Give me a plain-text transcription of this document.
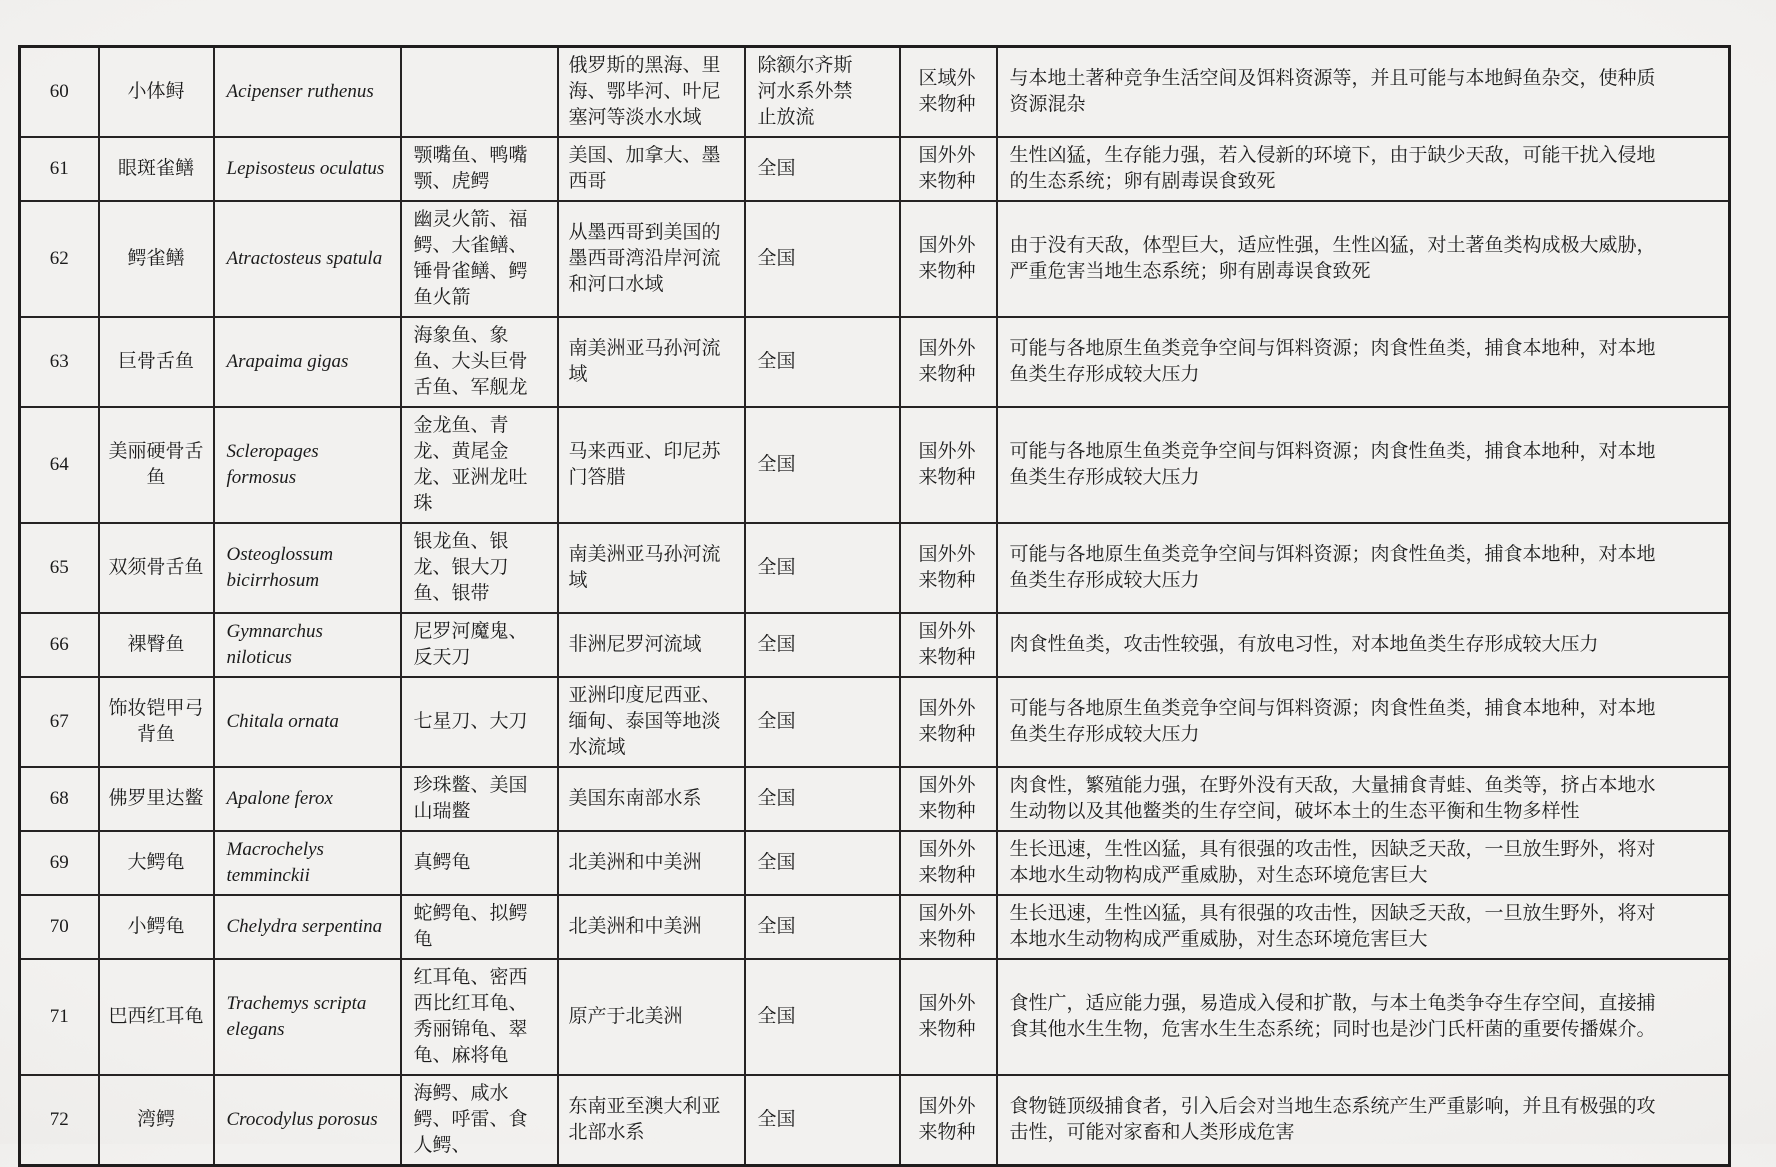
60	小体鲟	Acipenser ruthenus		俄罗斯的黑海、里海、鄂毕河、叶尼塞河等淡水水域	除额尔齐斯河水系外禁止放流	区域外来物种	与本地土著种竞争生活空间及饵料资源等，并且可能与本地鲟鱼杂交，使种质资源混杂
61	眼斑雀鳝	Lepisosteus oculatus	颚嘴鱼、鸭嘴颚、虎鳄	美国、加拿大、墨西哥	全国	国外外来物种	生性凶猛，生存能力强，若入侵新的环境下，由于缺少天敌，可能干扰入侵地的生态系统；卵有剧毒误食致死
62	鳄雀鳝	Atractosteus spatula	幽灵火箭、福鳄、大雀鳝、锤骨雀鳝、鳄鱼火箭	从墨西哥到美国的墨西哥湾沿岸河流和河口水域	全国	国外外来物种	由于没有天敌，体型巨大，适应性强，生性凶猛，对土著鱼类构成极大威胁，严重危害当地生态系统；卵有剧毒误食致死
63	巨骨舌鱼	Arapaima gigas	海象鱼、象鱼、大头巨骨舌鱼、军舰龙	南美洲亚马孙河流域	全国	国外外来物种	可能与各地原生鱼类竞争空间与饵料资源；肉食性鱼类，捕食本地种，对本地鱼类生存形成较大压力
64	美丽硬骨舌鱼	Scleropages formosus	金龙鱼、青龙、黄尾金龙、亚洲龙吐珠	马来西亚、印尼苏门答腊	全国	国外外来物种	可能与各地原生鱼类竞争空间与饵料资源；肉食性鱼类，捕食本地种，对本地鱼类生存形成较大压力
65	双须骨舌鱼	Osteoglossum bicirrhosum	银龙鱼、银龙、银大刀鱼、银带	南美洲亚马孙河流域	全国	国外外来物种	可能与各地原生鱼类竞争空间与饵料资源；肉食性鱼类，捕食本地种，对本地鱼类生存形成较大压力
66	裸臀鱼	Gymnarchus niloticus	尼罗河魔鬼、反天刀	非洲尼罗河流域	全国	国外外来物种	肉食性鱼类，攻击性较强，有放电习性，对本地鱼类生存形成较大压力
67	饰妆铠甲弓背鱼	Chitala ornata	七星刀、大刀	亚洲印度尼西亚、缅甸、泰国等地淡水流域	全国	国外外来物种	可能与各地原生鱼类竞争空间与饵料资源；肉食性鱼类，捕食本地种，对本地鱼类生存形成较大压力
68	佛罗里达鳖	Apalone ferox	珍珠鳖、美国山瑞鳖	美国东南部水系	全国	国外外来物种	肉食性，繁殖能力强，在野外没有天敌，大量捕食青蛙、鱼类等，挤占本地水生动物以及其他鳖类的生存空间，破坏本土的生态平衡和生物多样性
69	大鳄龟	Macrochelys temminckii	真鳄龟	北美洲和中美洲	全国	国外外来物种	生长迅速，生性凶猛，具有很强的攻击性，因缺乏天敌，一旦放生野外，将对本地水生动物构成严重威胁，对生态环境危害巨大
70	小鳄龟	Chelydra serpentina	蛇鳄龟、拟鳄龟	北美洲和中美洲	全国	国外外来物种	生长迅速，生性凶猛，具有很强的攻击性，因缺乏天敌，一旦放生野外，将对本地水生动物构成严重威胁，对生态环境危害巨大
71	巴西红耳龟	Trachemys scripta elegans	红耳龟、密西西比红耳龟、秀丽锦龟、翠龟、麻将龟	原产于北美洲	全国	国外外来物种	食性广，适应能力强，易造成入侵和扩散，与本土龟类争夺生存空间，直接捕食其他水生生物，危害水生生态系统；同时也是沙门氏杆菌的重要传播媒介。
72	湾鳄	Crocodylus porosus	海鳄、咸水鳄、呼雷、食人鳄、	东南亚至澳大利亚北部水系	全国	国外外来物种	食物链顶级捕食者，引入后会对当地生态系统产生严重影响，并且有极强的攻击性，可能对家畜和人类形成危害
